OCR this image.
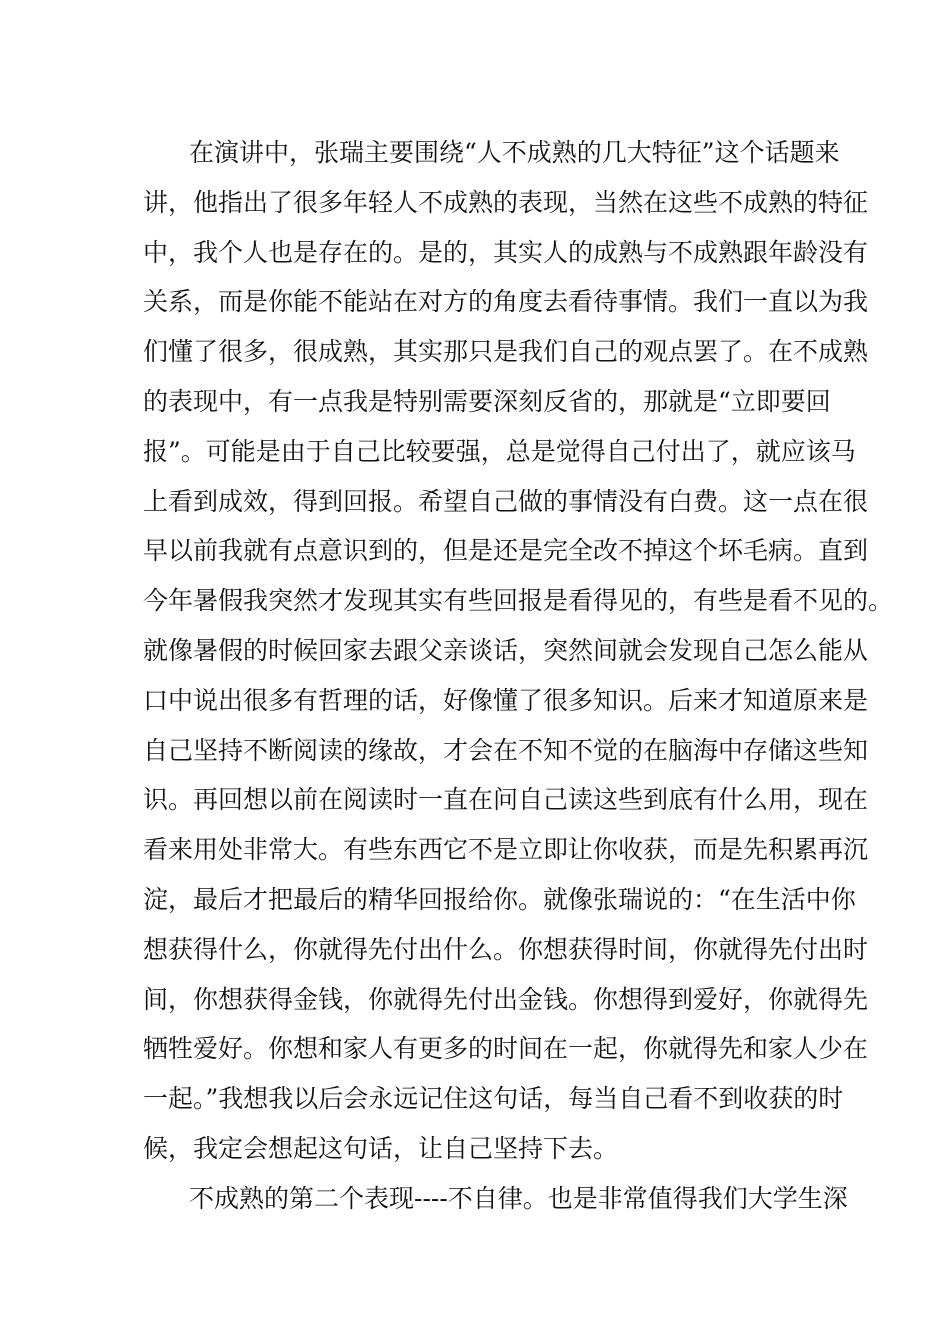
在演讲中，张瑞主要围绕“人不成熟的几大特征”这个话题来
讲，他指出了很多年轻人不成熟的表现，当然在这些不成熟的特征
中，我个人也是存在的。是的，其实人的成熟与不成熟跟年龄没有
关系，而是你能不能站在对方的角度去看待事情。我们一直以为我
们懂了很多，很成熟，其实那只是我们自己的观点罢了。在不成熟
的表现中，有一点我是特别需要深刻反省的，那就是“立即要回
报”。可能是由于自己比较要强，总是觉得自己付出了，就应该马
上看到成效，得到回报。希望自己做的事情没有白费。这一点在很
早以前我就有点意识到的，但是还是完全改不掉这个坏毛病。直到
今年暑假我突然才发现其实有些回报是看得见的，有些是看不见的。
就像暑假的时候回家去跟父亲谈话，突然间就会发现自己怎么能从
口中说出很多有哲理的话，好像懂了很多知识。后来才知道原来是
自己坚持不断阅读的缘故，才会在不知不觉的在脑海中存储这些知
识。再回想以前在阅读时一直在问自己读这些到底有什么用，现在
看来用处非常大。有些东西它不是立即让你收获，而是先积累再沉
淀，最后才把最后的精华回报给你。就像张瑞说的：“在生活中你
想获得什么，你就得先付出什么。你想获得时间，你就得先付出时
间，你想获得金钱，你就得先付出金钱。你想得到爱好，你就得先
牺牲爱好。你想和家人有更多的时间在一起，你就得先和家人少在
一起。”我想我以后会永远记住这句话，每当自己看不到收获的时
候，我定会想起这句话，让自己坚持下去。
不成熟的第二个表现----不自律。也是非常值得我们大学生深
